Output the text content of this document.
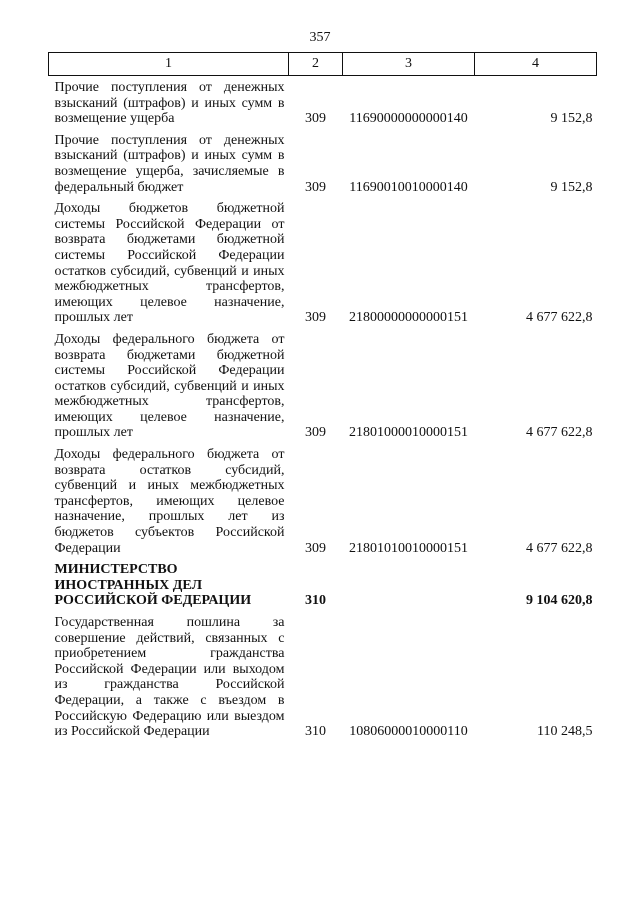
357
1	2	3	4
Прочие поступления от денежных взысканий (штрафов) и иных сумм в возмещение ущерба	309	11690000000000140	9 152,8
Прочие поступления от денежных взысканий (штрафов) и иных сумм в возмещение ущерба, зачисляемые в федеральный бюджет	309	11690010010000140	9 152,8
Доходы бюджетов бюджетной системы Российской Федерации от возврата бюджетами бюджетной системы Российской Федерации остатков субсидий, субвенций и иных межбюджетных трансфертов, имеющих целевое назначение, прошлых лет	309	21800000000000151	4 677 622,8
Доходы федерального бюджета от возврата бюджетами бюджетной системы Российской Федерации остатков субсидий, субвенций и иных межбюджетных трансфертов, имеющих целевое назначение, прошлых лет	309	21801000010000151	4 677 622,8
Доходы федерального бюджета от возврата остатков субсидий, субвенций и иных межбюджетных трансфертов, имеющих целевое назначение, прошлых лет из бюджетов субъектов Российской Федерации	309	21801010010000151	4 677 622,8
МИНИСТЕРСТВО ИНОСТРАННЫХ ДЕЛ РОССИЙСКОЙ ФЕДЕРАЦИИ	310		9 104 620,8
Государственная пошлина за совершение действий, связанных с приобретением гражданства Российской Федерации или выходом из гражданства Российской Федерации, а также с въездом в Российскую Федерацию или выездом из Российской Федерации	310	10806000010000110	110 248,5
